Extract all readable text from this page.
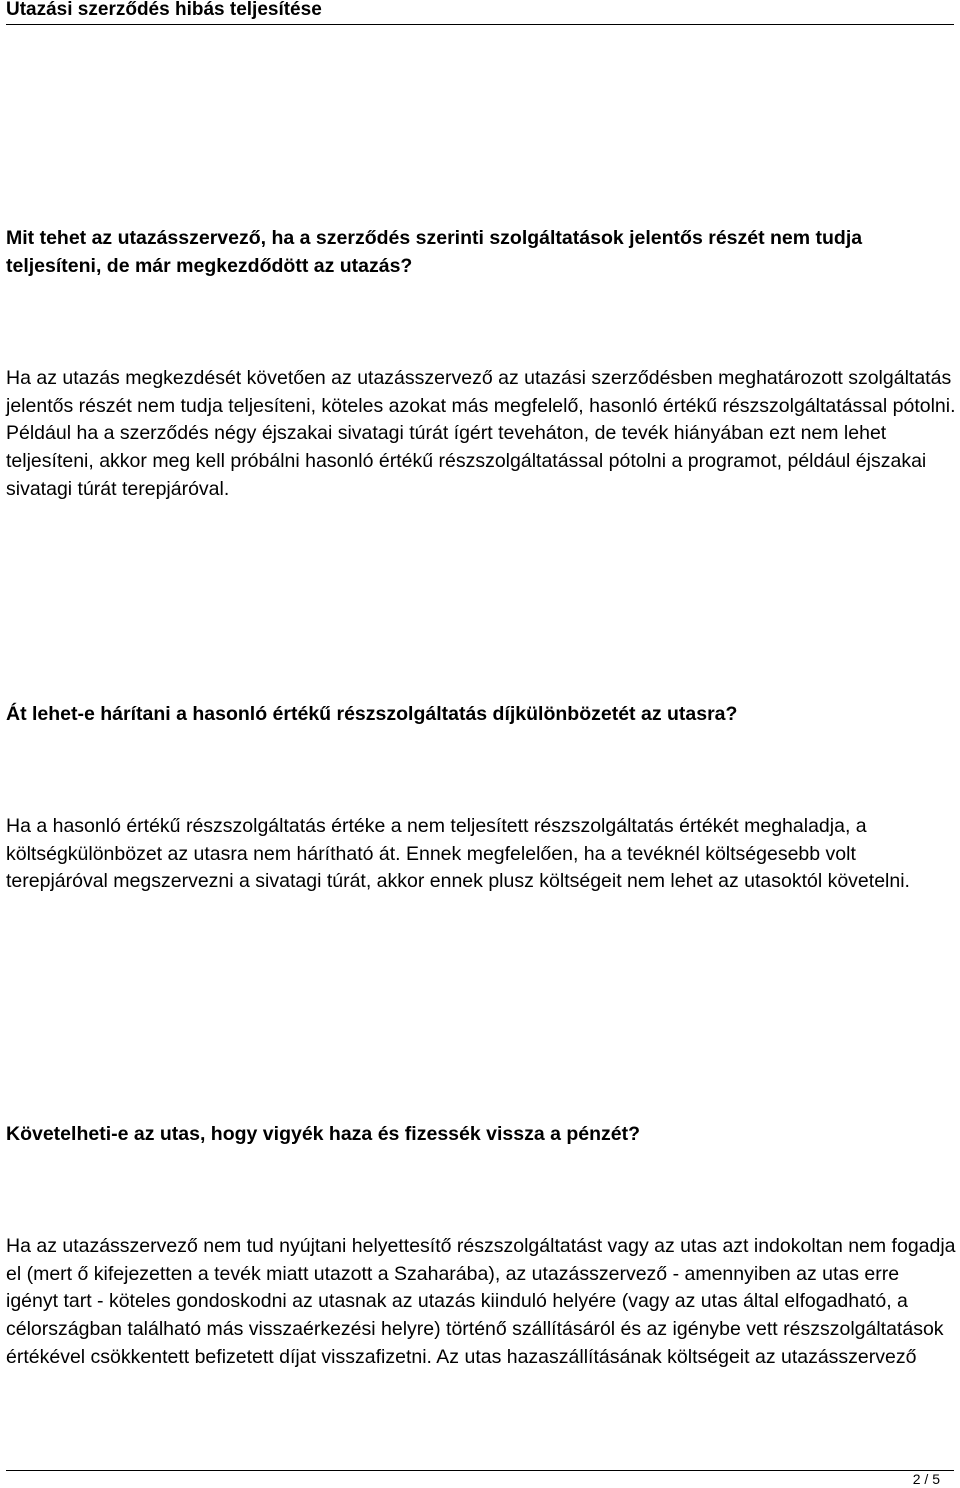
Utazási szerződés hibás teljesítése
Mit tehet az utazásszervező, ha a szerződés szerinti szolgáltatások jelentős részét nem tudja teljesíteni, de már megkezdődött az utazás?

Ha az utazás megkezdését követően az utazásszervező az utazási szerződésben meghatározott szolgáltatás jelentős részét nem tudja teljesíteni, köteles azokat más megfelelő, hasonló értékű részszolgáltatással pótolni. Például ha a szerződés négy éjszakai sivatagi túrát ígért teveháton, de tevék hiányában ezt nem lehet teljesíteni, akkor meg kell próbálni hasonló értékű részszolgáltatással pótolni a programot, például éjszakai sivatagi túrát terepjáróval.

Át lehet-e hárítani a hasonló értékű részszolgáltatás díjkülönbözetét az utasra?

Ha a hasonló értékű részszolgáltatás értéke a nem teljesített részszolgáltatás értékét meghaladja, a költségkülönbözet az utasra nem hárítható át. Ennek megfelelően, ha a tevéknél költségesebb volt terepjáróval megszervezni a sivatagi túrát, akkor ennek plusz költségeit nem lehet az utasoktól követelni.

Követelheti-e az utas, hogy vigyék haza és fizessék vissza a pénzét?

Ha az utazásszervező nem tud nyújtani helyettesítő részszolgáltatást vagy az utas azt indokoltan nem fogadja el (mert ő kifejezetten a tevék miatt utazott a Szaharába), az utazásszervező - amennyiben az utas erre igényt tart - köteles gondoskodni az utasnak az utazás kiinduló helyére (vagy az utas által elfogadható, a célországban található más visszaérkezési helyre) történő szállításáról és az igénybe vett részszolgáltatások értékével csökkentett befizetett díjat visszafizetni. Az utas hazaszállításának költségeit az utazásszervező

2 / 5
